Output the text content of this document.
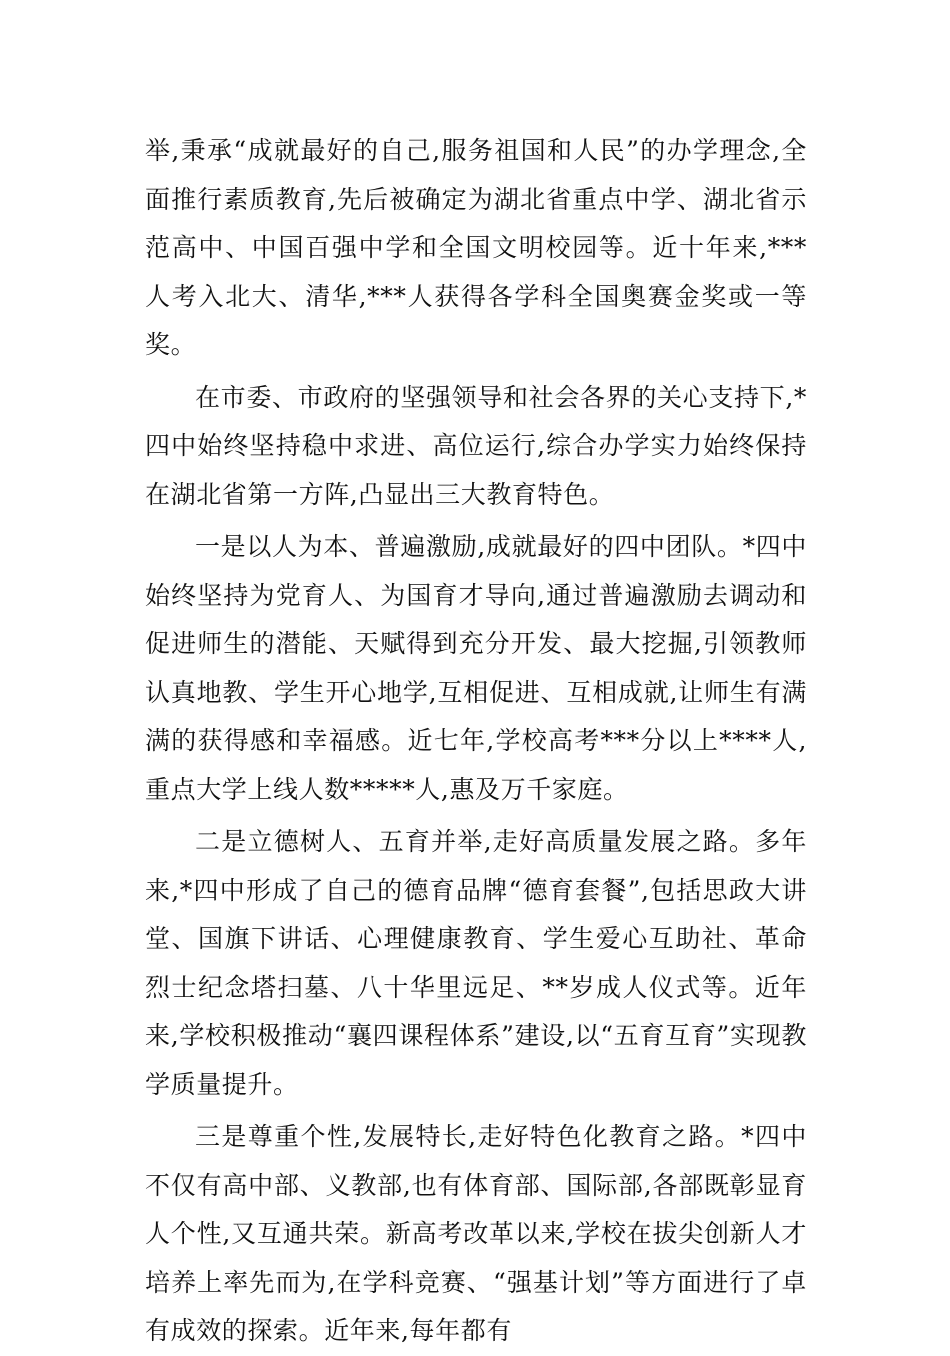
举,秉承“成就最好的自己,服务祖国和人民”的办学理念,全面推行素质教育,先后被确定为湖北省重点中学、湖北省示范高中、中国百强中学和全国文明校园等。近十年来,***人考入北大、清华,***人获得各学科全国奥赛金奖或一等奖。

在市委、市政府的坚强领导和社会各界的关心支持下,*四中始终坚持稳中求进、高位运行,综合办学实力始终保持在湖北省第一方阵,凸显出三大教育特色。

一是以人为本、普遍激励,成就最好的四中团队。*四中始终坚持为党育人、为国育才导向,通过普遍激励去调动和促进师生的潜能、天赋得到充分开发、最大挖掘,引领教师认真地教、学生开心地学,互相促进、互相成就,让师生有满满的获得感和幸福感。近七年,学校高考***分以上****人,重点大学上线人数*****人,惠及万千家庭。

二是立德树人、五育并举,走好高质量发展之路。多年来,*四中形成了自己的德育品牌“德育套餐”,包括思政大讲堂、国旗下讲话、心理健康教育、学生爱心互助社、革命烈士纪念塔扫墓、八十华里远足、**岁成人仪式等。近年来,学校积极推动“襄四课程体系”建设,以“五育互育”实现教学质量提升。

三是尊重个性,发展特长,走好特色化教育之路。*四中不仅有高中部、义教部,也有体育部、国际部,各部既彰显育人个性,又互通共荣。新高考改革以来,学校在拔尖创新人才培养上率先而为,在学科竞赛、“强基计划”等方面进行了卓有成效的探索。近年来,每年都有
